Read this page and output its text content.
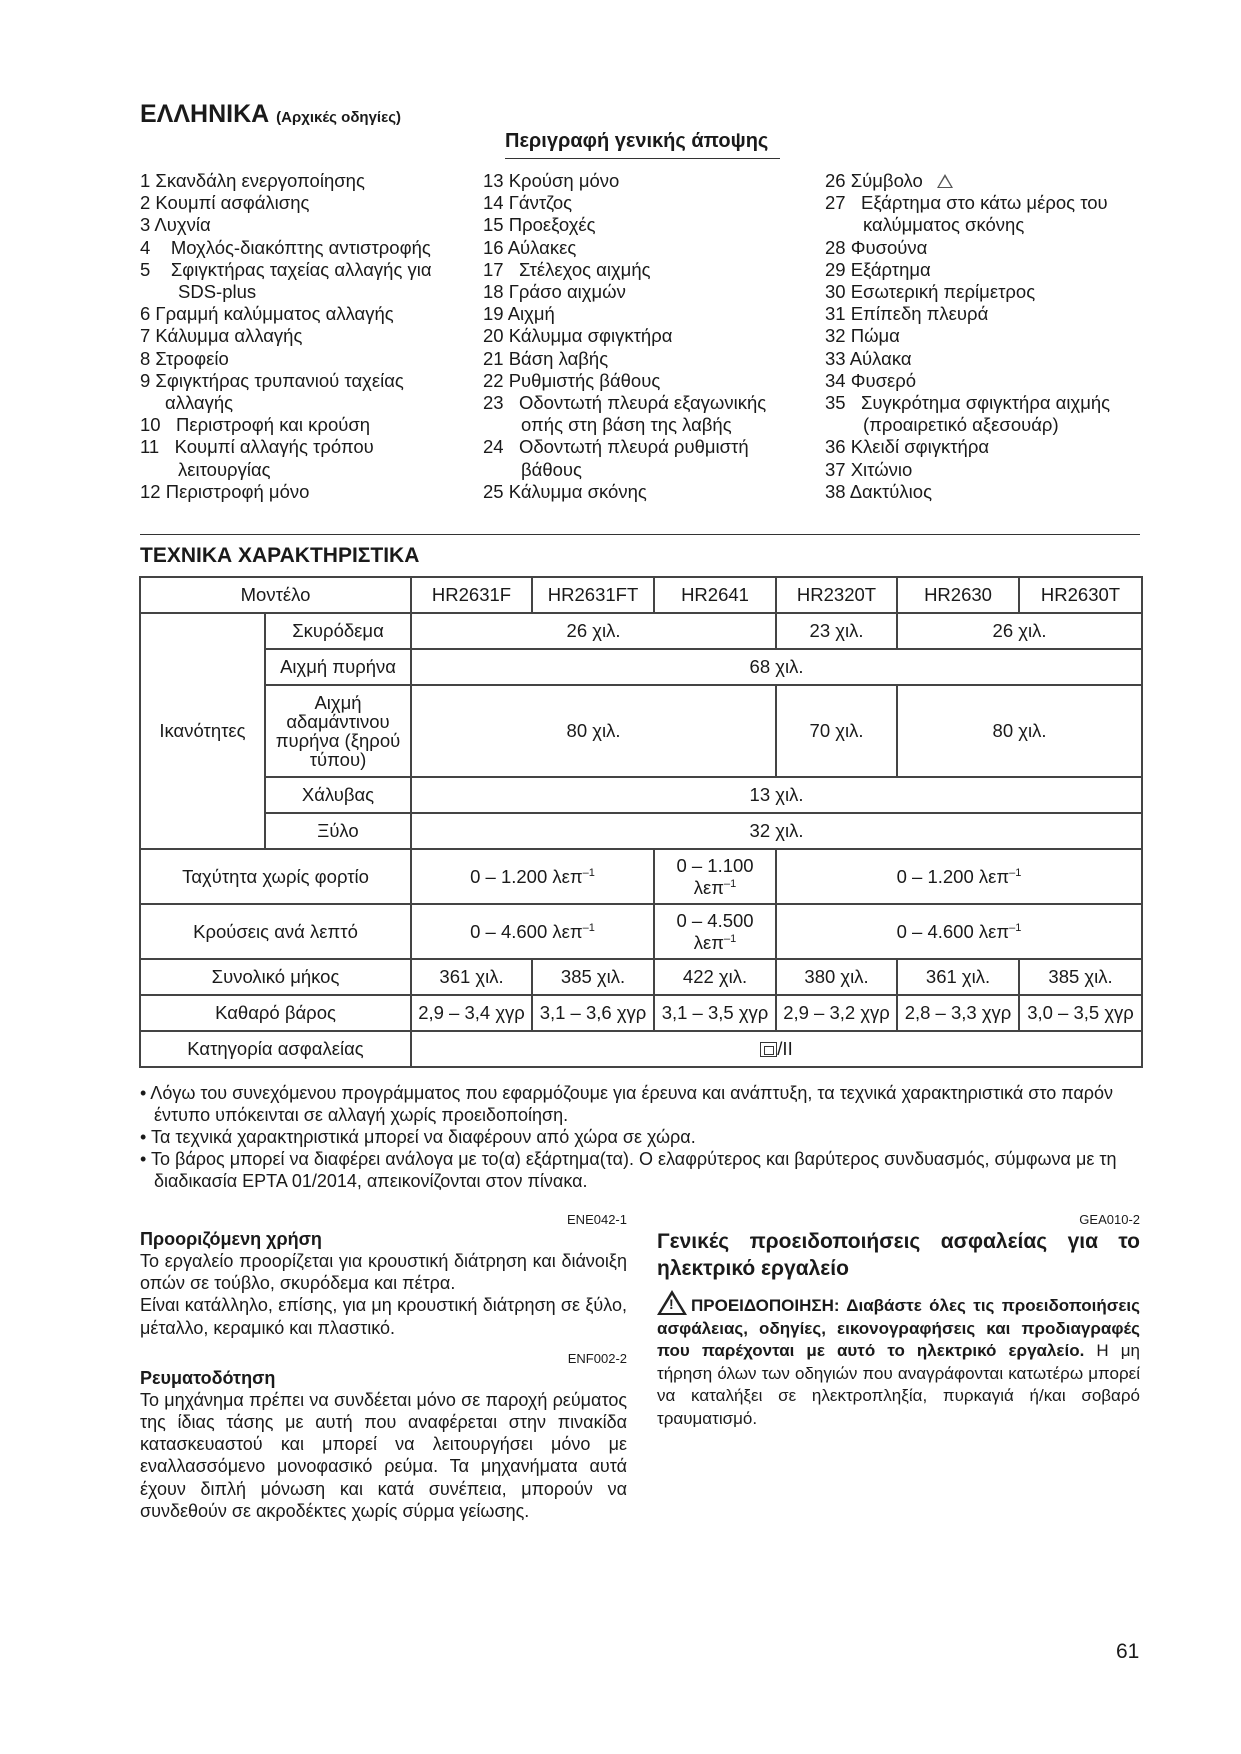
ΕΛΛΗΝΙΚΑ (Αρχικές οδηγίες)
Περιγραφή γενικής άποψης
1 Σκανδάλη ενεργοποίησης
2 Κουμπί ασφάλισης
3 Λυχνία
4    Μοχλός-διακόπτης αντιστροφής
5    Σφιγκτήρας ταχείας αλλαγής για
SDS-plus
6 Γραμμή καλύμματος αλλαγής
7 Κάλυμμα αλλαγής
8 Στροφείο
9 Σφιγκτήρας τρυπανιού ταχείας
αλλαγής
10   Περιστροφή και κρούση
11   Κουμπί αλλαγής τρόπου
λειτουργίας
12 Περιστροφή μόνο
13 Κρούση μόνο
14 Γάντζος
15 Προεξοχές
16 Αύλακες
17   Στέλεχος αιχμής
18 Γράσο αιχμών
19 Αιχμή
20 Κάλυμμα σφιγκτήρα
21 Βάση λαβής
22 Ρυθμιστής βάθους
23   Οδοντωτή πλευρά εξαγωνικής
οπής στη βάση της λαβής
24   Οδοντωτή πλευρά ρυθμιστή
βάθους
25 Κάλυμμα σκόνης
26 Σύμβολο
27   Εξάρτημα στο κάτω μέρος του
καλύμματος σκόνης
28 Φυσούνα
29 Εξάρτημα
30 Εσωτερική περίμετρος
31 Επίπεδη πλευρά
32 Πώμα
33 Αύλακα
34 Φυσερό
35   Συγκρότημα σφιγκτήρα αιχμής
(προαιρετικό αξεσουάρ)
36 Κλειδί σφιγκτήρα
37 Χιτώνιο
38 Δακτύλιος
ΤΕΧΝΙΚΑ ΧΑΡΑΚΤΗΡΙΣΤΙΚΑ
Μοντέλο		HR2631F	HR2631FT	HR2641	HR2320T	HR2630	HR2630T
Ικανότητες	Σκυρόδεμα	26 χιλ.			23 χιλ.	26 χιλ.	
	Αιχμή πυρήνα	68 χιλ.					

	Αιχμή
αδαμάντινου
πυρήνα (ξηρού
τύπου)	80 χιλ.			70 χιλ.	80 χιλ.	
	Χάλυβας	13 χιλ.					
	Ξύλο	32 χιλ.					
Ταχύτητα χωρίς φορτίο		0 – 1.200 λεπ$^{-1}$		0 – 1.100
λεπ$^{-1}$	0 – 1.200 λεπ$^{-1}$
Κρούσεις ανά λεπτό		0 – 4.600 λεπ$^{-1}$		0 – 4.500
λεπ$^{-1}$	0 – 4.600 λεπ$^{-1}$
Συνολικό μήκος		361 χιλ.	385 χιλ.	422 χιλ.	380 χιλ.	361 χιλ.	385 χιλ.
Καθαρό βάρος		2,9 – 3,4 χγρ	3,1 – 3,6 χγρ	3,1 – 3,5 χγρ	2,9 – 3,2 χγρ	2,8 – 3,3 χγρ	3,0 – 3,5 χγρ
Κατηγορία ασφαλείας		/II					
• Λόγω του συνεχόμενου προγράμματος που εφαρμόζουμε για έρευνα και ανάπτυξη, τα τεχνικά χαρακτηριστικά στο παρόν έντυπο υπόκεινται σε αλλαγή χωρίς προειδοποίηση.
• Τα τεχνικά χαρακτηριστικά μπορεί να διαφέρουν από χώρα σε χώρα.
• Το βάρος μπορεί να διαφέρει ανάλογα με το(α) εξάρτημα(τα). Ο ελαφρύτερος και βαρύτερος συνδυασμός, σύμφωνα με τη διαδικασία EPTA 01/2014, απεικονίζονται στον πίνακα.
ENE042-1
Προοριζόμενη χρήση
Το εργαλείο προορίζεται για κρουστική διάτρηση και διάνοιξη οπών σε τούβλο, σκυρόδεμα και πέτρα.
Είναι κατάλληλο, επίσης, για μη κρουστική διάτρηση σε ξύλο, μέταλλο, κεραμικό και πλαστικό.
ENF002-2
Ρευματοδότηση
Το μηχάνημα πρέπει να συνδέεται μόνο σε παροχή ρεύματος της ίδιας τάσης με αυτή που αναφέρεται στην πινακίδα κατασκευαστού και μπορεί να λειτουργήσει μόνο με εναλλασσόμενο μονοφασικό ρεύμα. Τα μηχανήματα αυτά έχουν διπλή μόνωση και κατά συνέπεια, μπορούν να συνδεθούν σε ακροδέκτες χωρίς σύρμα γείωσης.
GEA010-2
Γενικές προειδοποιήσεις ασφαλείας για το
ηλεκτρικό εργαλείο
!ΠΡΟΕΙΔΟΠΟΙΗΣΗ: Διαβάστε όλες τις προειδοποιήσεις ασφάλειας, οδηγίες, εικονογραφήσεις και προδιαγραφές που παρέχονται με αυτό το ηλεκτρικό εργαλείο. Η μη τήρηση όλων των οδηγιών που αναγράφονται κατωτέρω μπορεί να καταλήξει σε ηλεκτροπληξία, πυρκαγιά ή/και σοβαρό τραυματισμό.
61
